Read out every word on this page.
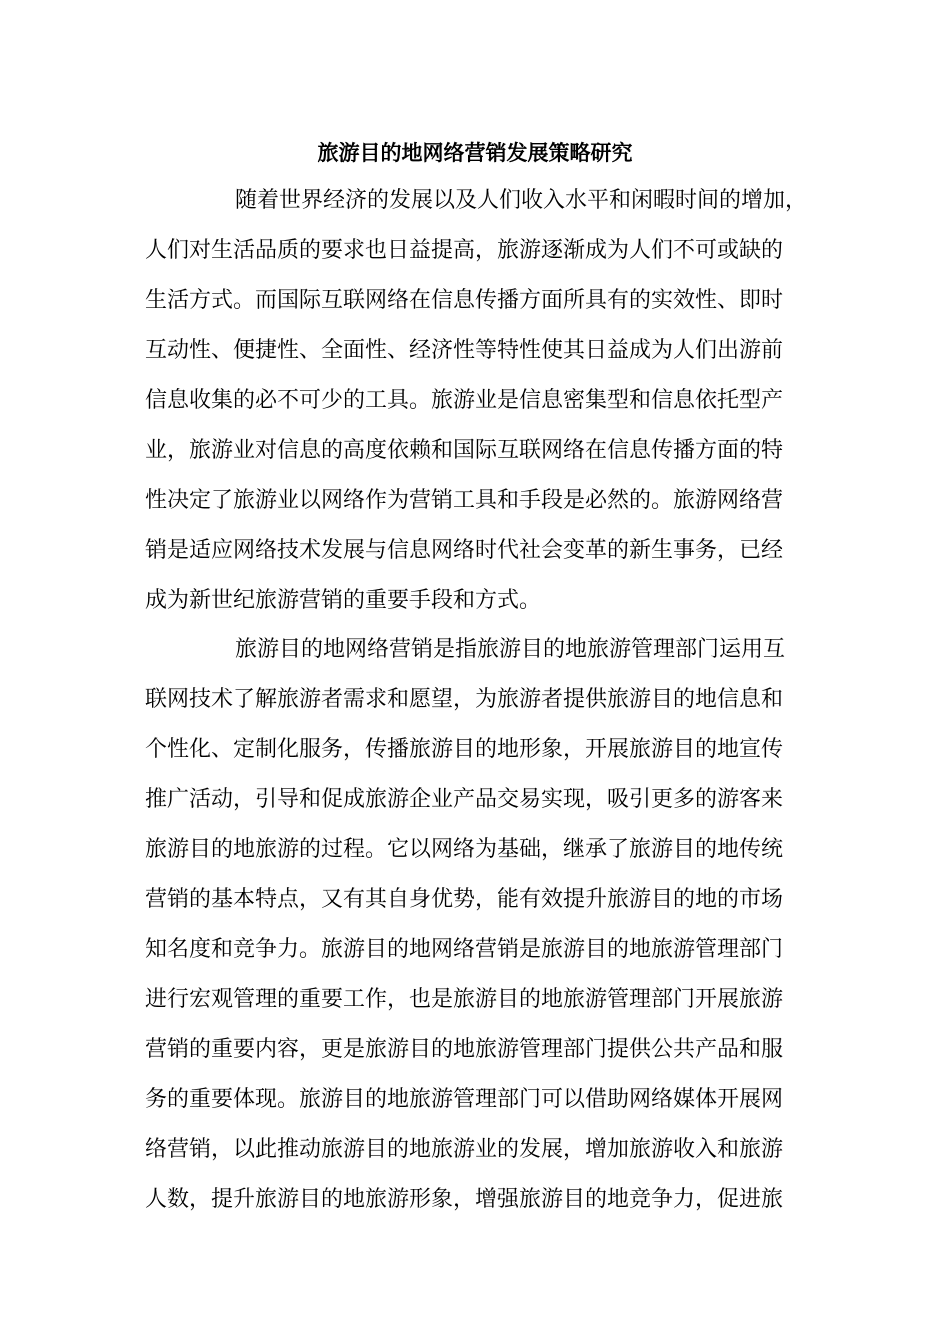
旅游目的地网络营销发展策略研究

随着世界经济的发展以及人们收入水平和闲暇时间的增加，

人们对生活品质的要求也日益提高，旅游逐渐成为人们不可或缺的

生活方式。而国际互联网络在信息传播方面所具有的实效性、即时

互动性、便捷性、全面性、经济性等特性使其日益成为人们出游前

信息收集的必不可少的工具。旅游业是信息密集型和信息依托型产

业，旅游业对信息的高度依赖和国际互联网络在信息传播方面的特

性决定了旅游业以网络作为营销工具和手段是必然的。旅游网络营

销是适应网络技术发展与信息网络时代社会变革的新生事务，已经

成为新世纪旅游营销的重要手段和方式。

旅游目的地网络营销是指旅游目的地旅游管理部门运用互

联网技术了解旅游者需求和愿望，为旅游者提供旅游目的地信息和

个性化、定制化服务，传播旅游目的地形象，开展旅游目的地宣传

推广活动，引导和促成旅游企业产品交易实现，吸引更多的游客来

旅游目的地旅游的过程。它以网络为基础，继承了旅游目的地传统

营销的基本特点，又有其自身优势，能有效提升旅游目的地的市场

知名度和竞争力。旅游目的地网络营销是旅游目的地旅游管理部门

进行宏观管理的重要工作，也是旅游目的地旅游管理部门开展旅游

营销的重要内容，更是旅游目的地旅游管理部门提供公共产品和服

务的重要体现。旅游目的地旅游管理部门可以借助网络媒体开展网

络营销，以此推动旅游目的地旅游业的发展，增加旅游收入和旅游

人数，提升旅游目的地旅游形象，增强旅游目的地竞争力，促进旅
